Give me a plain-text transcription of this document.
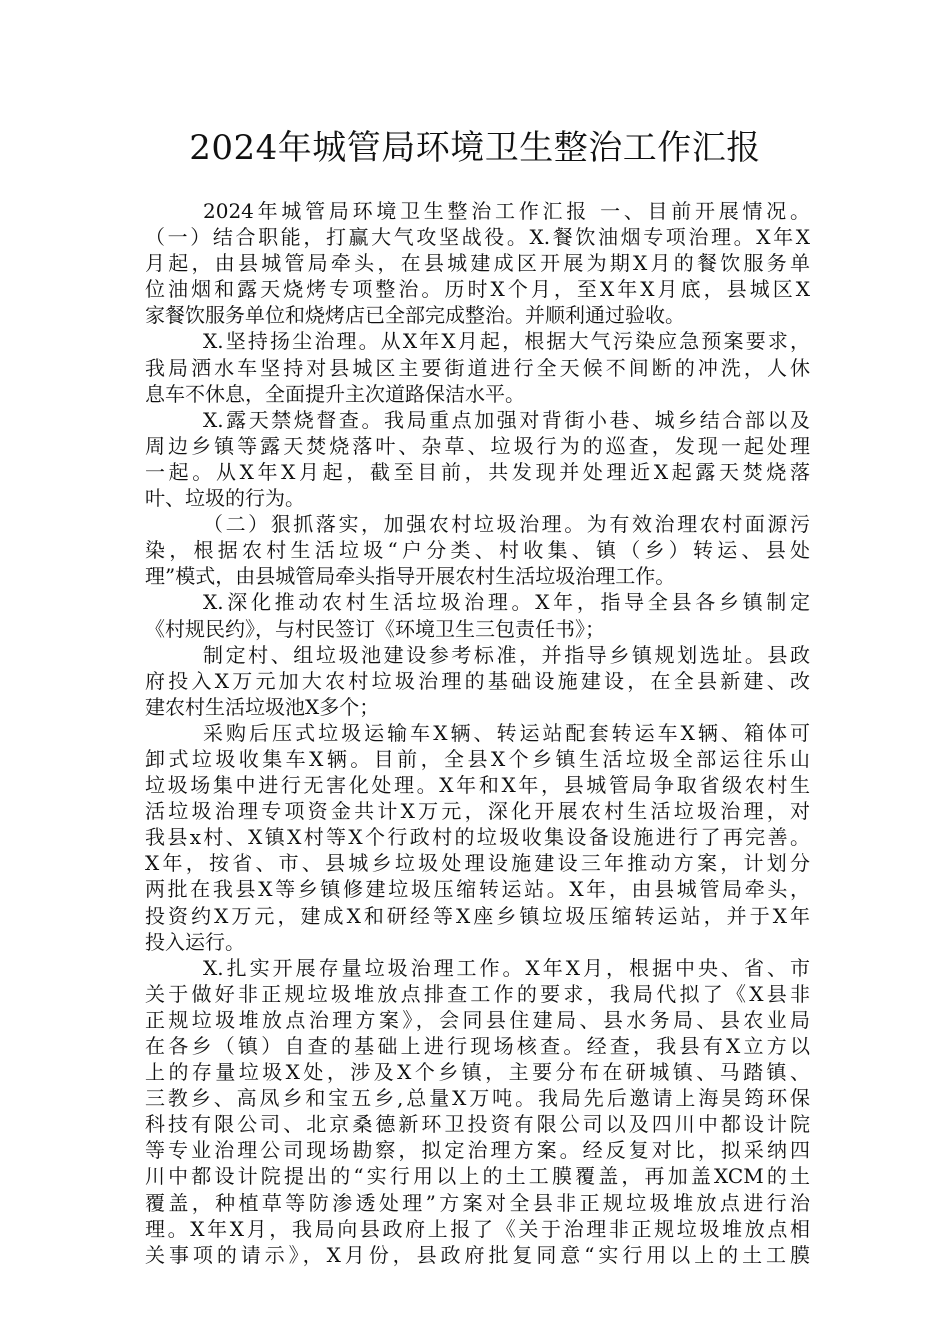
2024年城管局环境卫生整治工作汇报
2024年城管局环境卫生整治工作汇报 一、目前开展情况。
（一）结合职能，打赢大气攻坚战役。X.餐饮油烟专项治理。X年X
月起，由县城管局牵头，在县城建成区开展为期X月的餐饮服务单
位油烟和露天烧烤专项整治。历时X个月，至X年X月底，县城区X
家餐饮服务单位和烧烤店已全部完成整治。并顺利通过验收。
X.坚持扬尘治理。从X年X月起，根据大气污染应急预案要求，
我局洒水车坚持对县城区主要街道进行全天候不间断的冲洗，人休
息车不休息，全面提升主次道路保洁水平。
X.露天禁烧督查。我局重点加强对背街小巷、城乡结合部以及
周边乡镇等露天焚烧落叶、杂草、垃圾行为的巡查，发现一起处理
一起。从X年X月起，截至目前，共发现并处理近X起露天焚烧落
叶、垃圾的行为。
（二）狠抓落实，加强农村垃圾治理。为有效治理农村面源污
染，根据农村生活垃圾“户分类、村收集、镇（乡）转运、县处
理”模式，由县城管局牵头指导开展农村生活垃圾治理工作。
X.深化推动农村生活垃圾治理。X年，指导全县各乡镇制定
《村规民约》，与村民签订《环境卫生三包责任书》；
制定村、组垃圾池建设参考标准，并指导乡镇规划选址。县政
府投入X万元加大农村垃圾治理的基础设施建设，在全县新建、改
建农村生活垃圾池X多个；
采购后压式垃圾运输车X辆、转运站配套转运车X辆、箱体可
卸式垃圾收集车X辆。目前，全县X个乡镇生活垃圾全部运往乐山
垃圾场集中进行无害化处理。X年和X年，县城管局争取省级农村生
活垃圾治理专项资金共计X万元，深化开展农村生活垃圾治理，对
我县x村、X镇X村等X个行政村的垃圾收集设备设施进行了再完善。
X年，按省、市、县城乡垃圾处理设施建设三年推动方案，计划分
两批在我县X等乡镇修建垃圾压缩转运站。X年，由县城管局牵头，
投资约X万元，建成X和研经等X座乡镇垃圾压缩转运站，并于X年
投入运行。
X.扎实开展存量垃圾治理工作。X年X月，根据中央、省、市
关于做好非正规垃圾堆放点排查工作的要求，我局代拟了《X县非
正规垃圾堆放点治理方案》，会同县住建局、县水务局、县农业局
在各乡（镇）自查的基础上进行现场核查。经查，我县有X立方以
上的存量垃圾X处，涉及X个乡镇，主要分布在研城镇、马踏镇、
三教乡、高凤乡和宝五乡,总量X万吨。我局先后邀请上海昊筠环保
科技有限公司、北京桑德新环卫投资有限公司以及四川中都设计院
等专业治理公司现场勘察，拟定治理方案。经反复对比，拟采纳四
川中都设计院提出的“实行用以上的土工膜覆盖，再加盖XCM的土
覆盖，种植草等防渗透处理”方案对全县非正规垃圾堆放点进行治
理。X年X月，我局向县政府上报了《关于治理非正规垃圾堆放点相
关事项的请示》，X月份，县政府批复同意“实行用以上的土工膜
